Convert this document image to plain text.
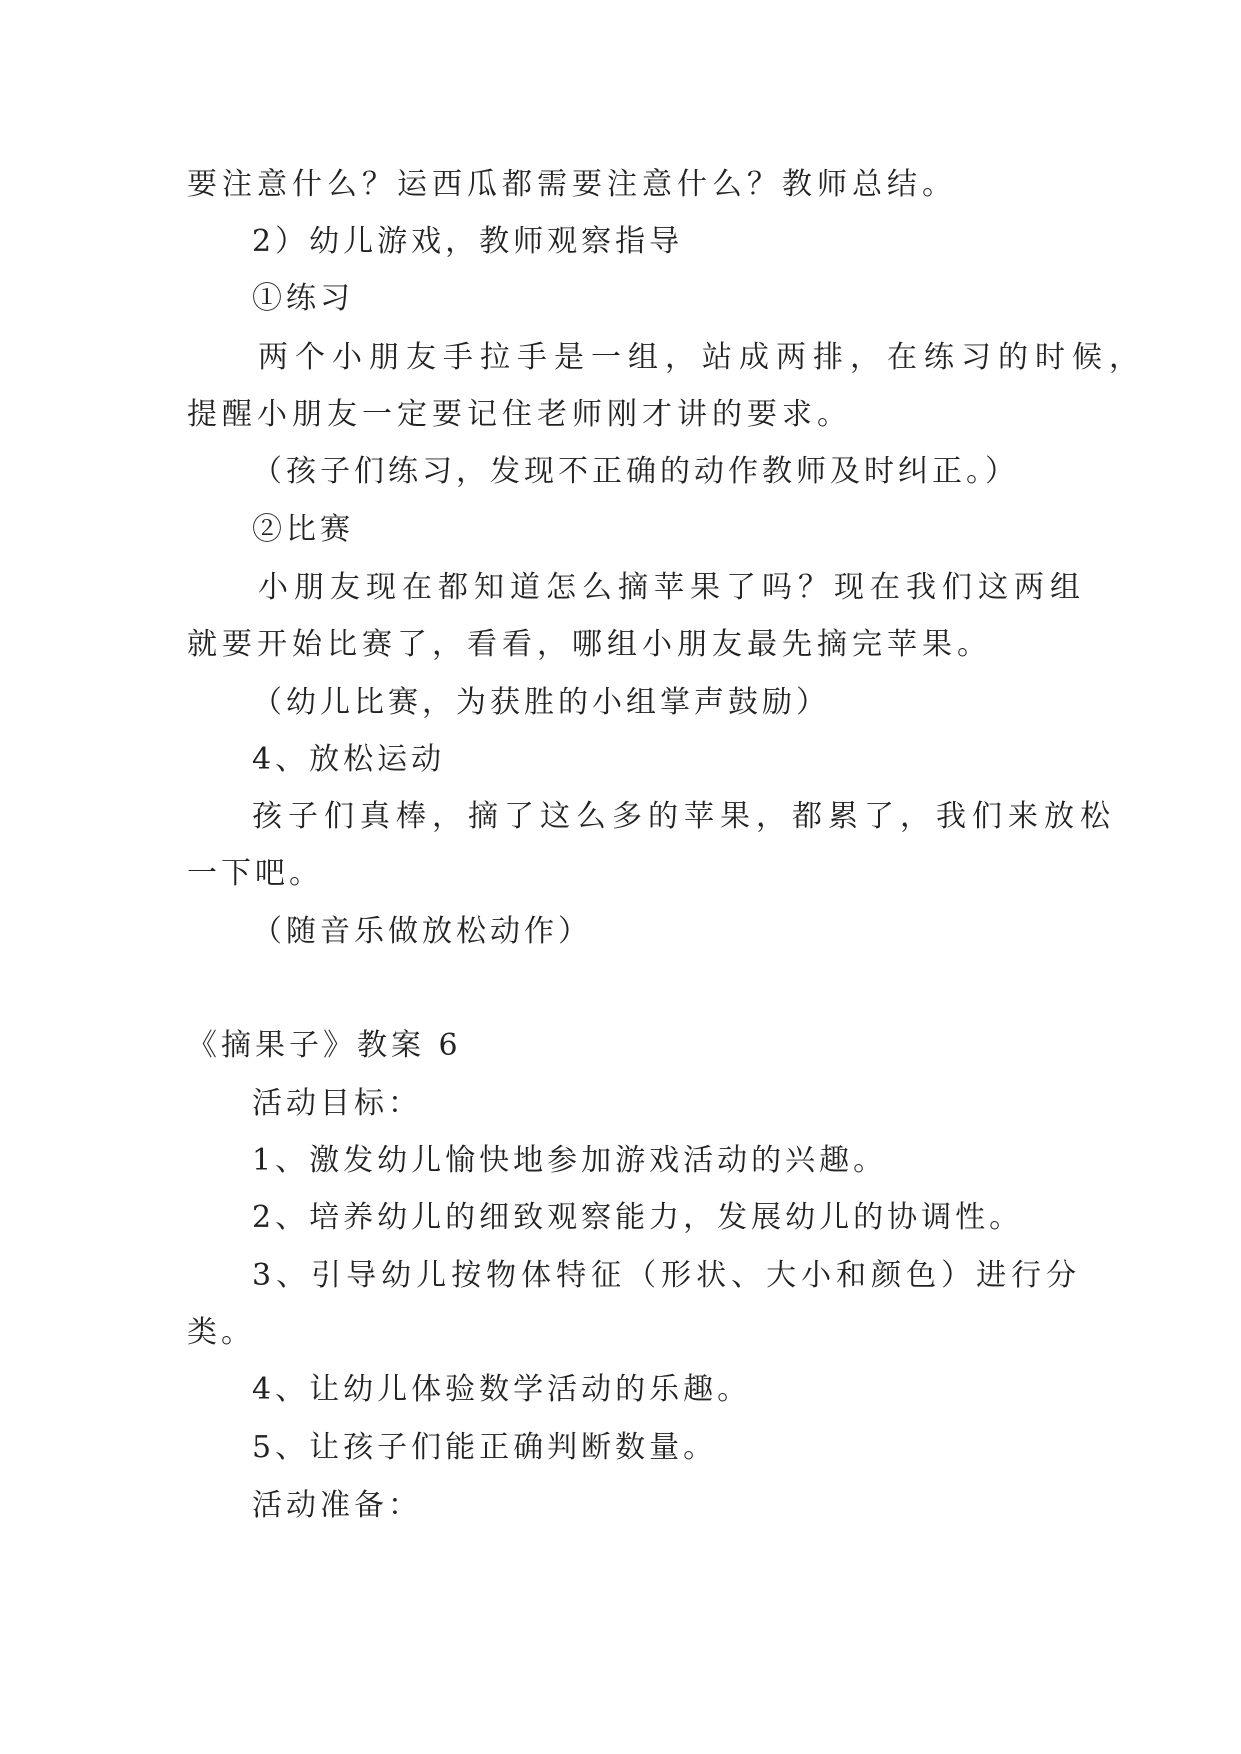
要注意什么？运西瓜都需要注意什么？教师总结。
2）幼儿游戏，教师观察指导
①练习
两个小朋友手拉手是一组，站成两排，在练习的时候，
提醒小朋友一定要记住老师刚才讲的要求。
（孩子们练习，发现不正确的动作教师及时纠正。）
②比赛
小朋友现在都知道怎么摘苹果了吗？现在我们这两组
就要开始比赛了，看看，哪组小朋友最先摘完苹果。
（幼儿比赛，为获胜的小组掌声鼓励）
4、放松运动
孩子们真棒，摘了这么多的苹果，都累了，我们来放松
一下吧。
（随音乐做放松动作）
《摘果子》教案 6
活动目标：
1、激发幼儿愉快地参加游戏活动的兴趣。
2、培养幼儿的细致观察能力，发展幼儿的协调性。
3、引导幼儿按物体特征（形状、大小和颜色）进行分
类。
4、让幼儿体验数学活动的乐趣。
5、让孩子们能正确判断数量。
活动准备：
